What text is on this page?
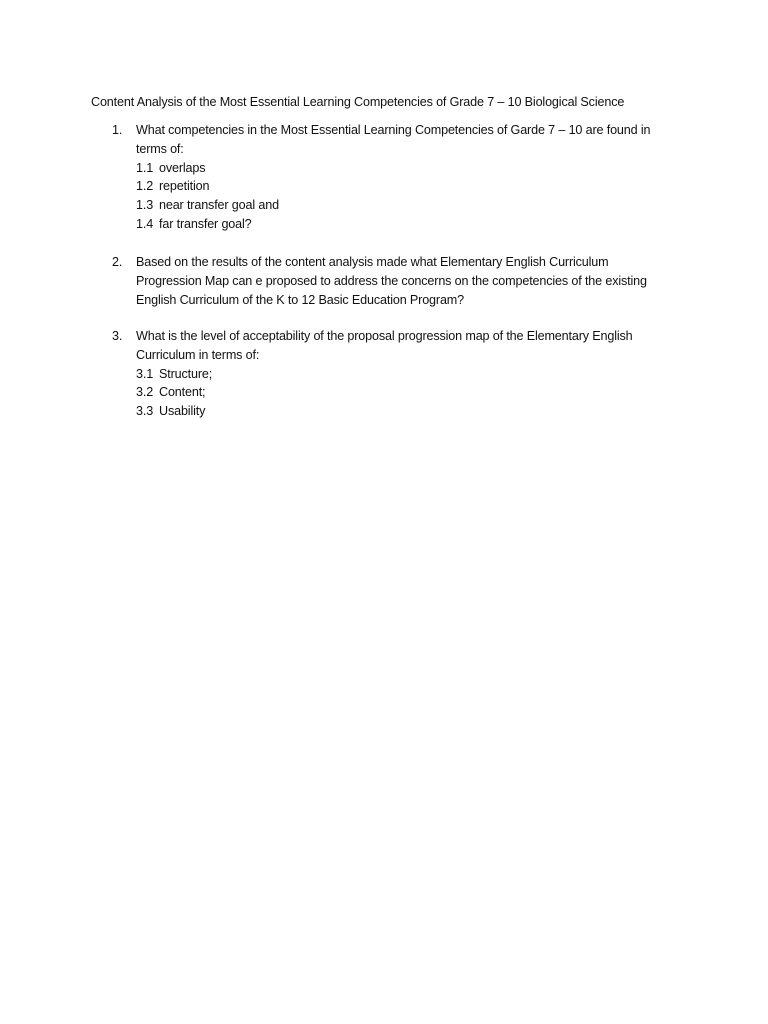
Content Analysis of the Most Essential Learning Competencies of Grade 7 – 10 Biological Science
1.	What competencies in the Most Essential Learning Competencies of Garde 7 – 10 are found in terms of:
1.1 overlaps
1.2 repetition
1.3 near transfer goal and
1.4 far transfer goal?
2.	Based on the results of the content analysis made what Elementary English Curriculum Progression Map can e proposed to address the concerns on the competencies of the existing English Curriculum of the K to 12 Basic Education Program?
3.	What is the level of acceptability of the proposal progression map of the Elementary English Curriculum in terms of:
3.1 Structure;
3.2 Content;
3.3 Usability
